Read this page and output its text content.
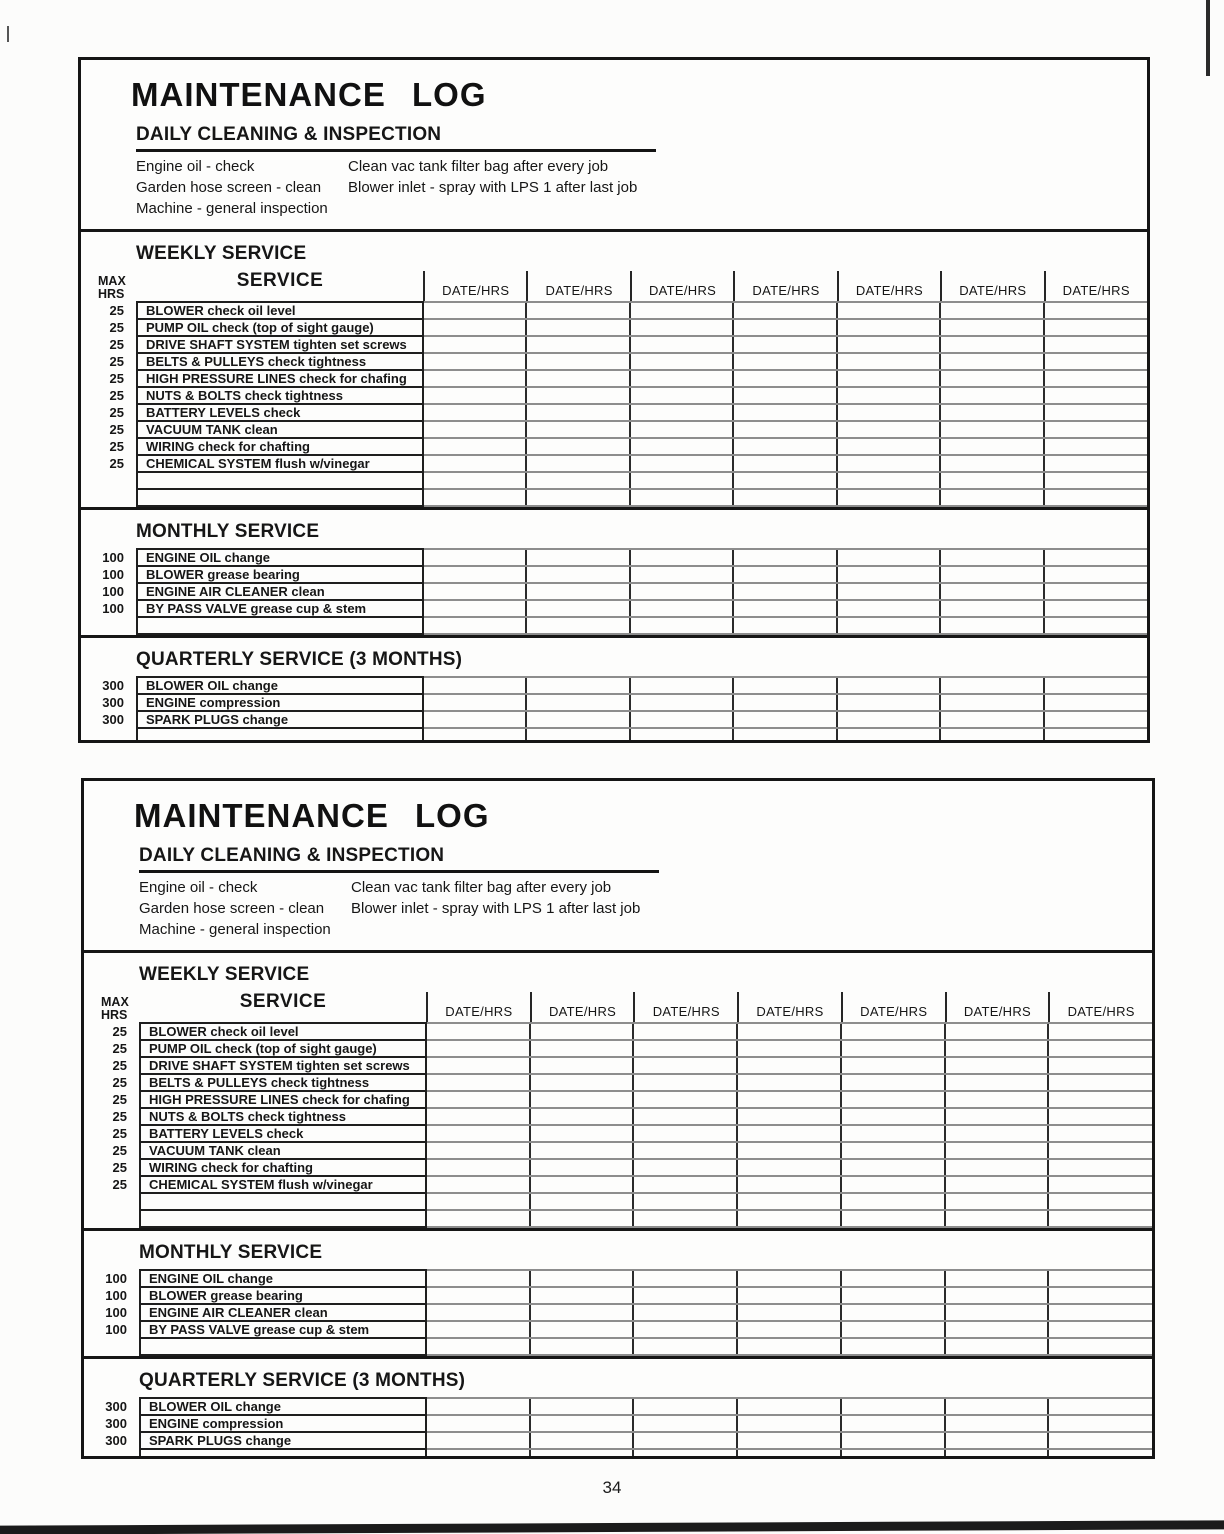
MAINTENANCE LOG
DAILY CLEANING & INSPECTION
Engine oil - check
Garden hose screen - clean
Machine - general inspection
Clean vac tank filter bag after every job
Blower inlet - spray with LPS 1 after last job
WEEKLY SERVICE
MAX
HRS
SERVICE	DATE/HRS	DATE/HRS	DATE/HRS	DATE/HRS	DATE/HRS	DATE/HRS	DATE/HRS
25	BLOWER check oil level							
25	PUMP OIL check (top of sight gauge)							
25	DRIVE SHAFT SYSTEM tighten set screws							
25	BELTS & PULLEYS check tightness							
25	HIGH PRESSURE LINES check for chafing							
25	NUTS & BOLTS check tightness							
25	BATTERY LEVELS check							
25	VACUUM TANK clean							
25	WIRING check for chafting							
25	CHEMICAL SYSTEM flush w/vinegar							

MONTHLY SERVICE
100	ENGINE OIL change							
100	BLOWER grease bearing							
100	ENGINE AIR CLEANER clean							
100	BY PASS VALVE grease cup & stem							

QUARTERLY SERVICE (3 MONTHS)
300	BLOWER OIL change							
300	ENGINE compression							
300	SPARK PLUGS change							

MAINTENANCE LOG
DAILY CLEANING & INSPECTION
Engine oil - check
Garden hose screen - clean
Machine - general inspection
Clean vac tank filter bag after every job
Blower inlet - spray with LPS 1 after last job
WEEKLY SERVICE
MAX
HRS
SERVICE	DATE/HRS	DATE/HRS	DATE/HRS	DATE/HRS	DATE/HRS	DATE/HRS	DATE/HRS
25	BLOWER check oil level							
25	PUMP OIL check (top of sight gauge)							
25	DRIVE SHAFT SYSTEM tighten set screws							
25	BELTS & PULLEYS check tightness							
25	HIGH PRESSURE LINES check for chafing							
25	NUTS & BOLTS check tightness							
25	BATTERY LEVELS check							
25	VACUUM TANK clean							
25	WIRING check for chafting							
25	CHEMICAL SYSTEM flush w/vinegar							

MONTHLY SERVICE
100	ENGINE OIL change							
100	BLOWER grease bearing							
100	ENGINE AIR CLEANER clean							
100	BY PASS VALVE grease cup & stem							

QUARTERLY SERVICE (3 MONTHS)
300	BLOWER OIL change							
300	ENGINE compression							
300	SPARK PLUGS change							

34
